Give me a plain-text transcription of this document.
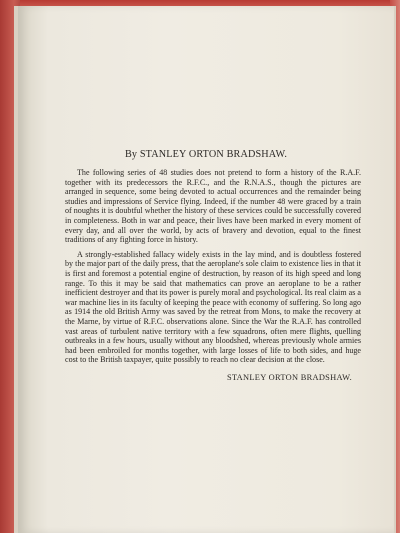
By STANLEY ORTON BRADSHAW.

The following series of 48 studies does not pretend to form a history of the R.A.F. together with its predecessors the R.F.C., and the R.N.A.S., though the pictures are arranged in sequence, some being devoted to actual occurrences and the remainder being studies and impressions of Service flying. Indeed, if the number 48 were graced by a train of noughts it is doubtful whether the history of these services could be successfully covered in completeness. Both in war and peace, their lives have been marked in every moment of every day, and all over the world, by acts of bravery and devotion, equal to the finest traditions of any fighting force in history.

A strongly-established fallacy widely exists in the lay mind, and is doubtless fostered by the major part of the daily press, that the aeroplane's sole claim to existence lies in that it is first and foremost a potential engine of destruction, by reason of its high speed and long range. To this it may be said that mathematics can prove an aeroplane to be a rather inefficient destroyer and that its power is purely moral and psychological. Its real claim as a war machine lies in its faculty of keeping the peace with economy of suffering. So long ago as 1914 the old British Army was saved by the retreat from Mons, to make the recovery at the Marne, by virtue of R.F.C. observations alone. Since the War the R.A.F. has controlled vast areas of turbulent native territory with a few squadrons, often mere flights, quelling outbreaks in a few hours, usually without any bloodshed, whereas previously whole armies had been embroiled for months together, with large losses of life to both sides, and huge cost to the British taxpayer, quite possibly to reach no clear decision at the close.

STANLEY ORTON BRADSHAW.
